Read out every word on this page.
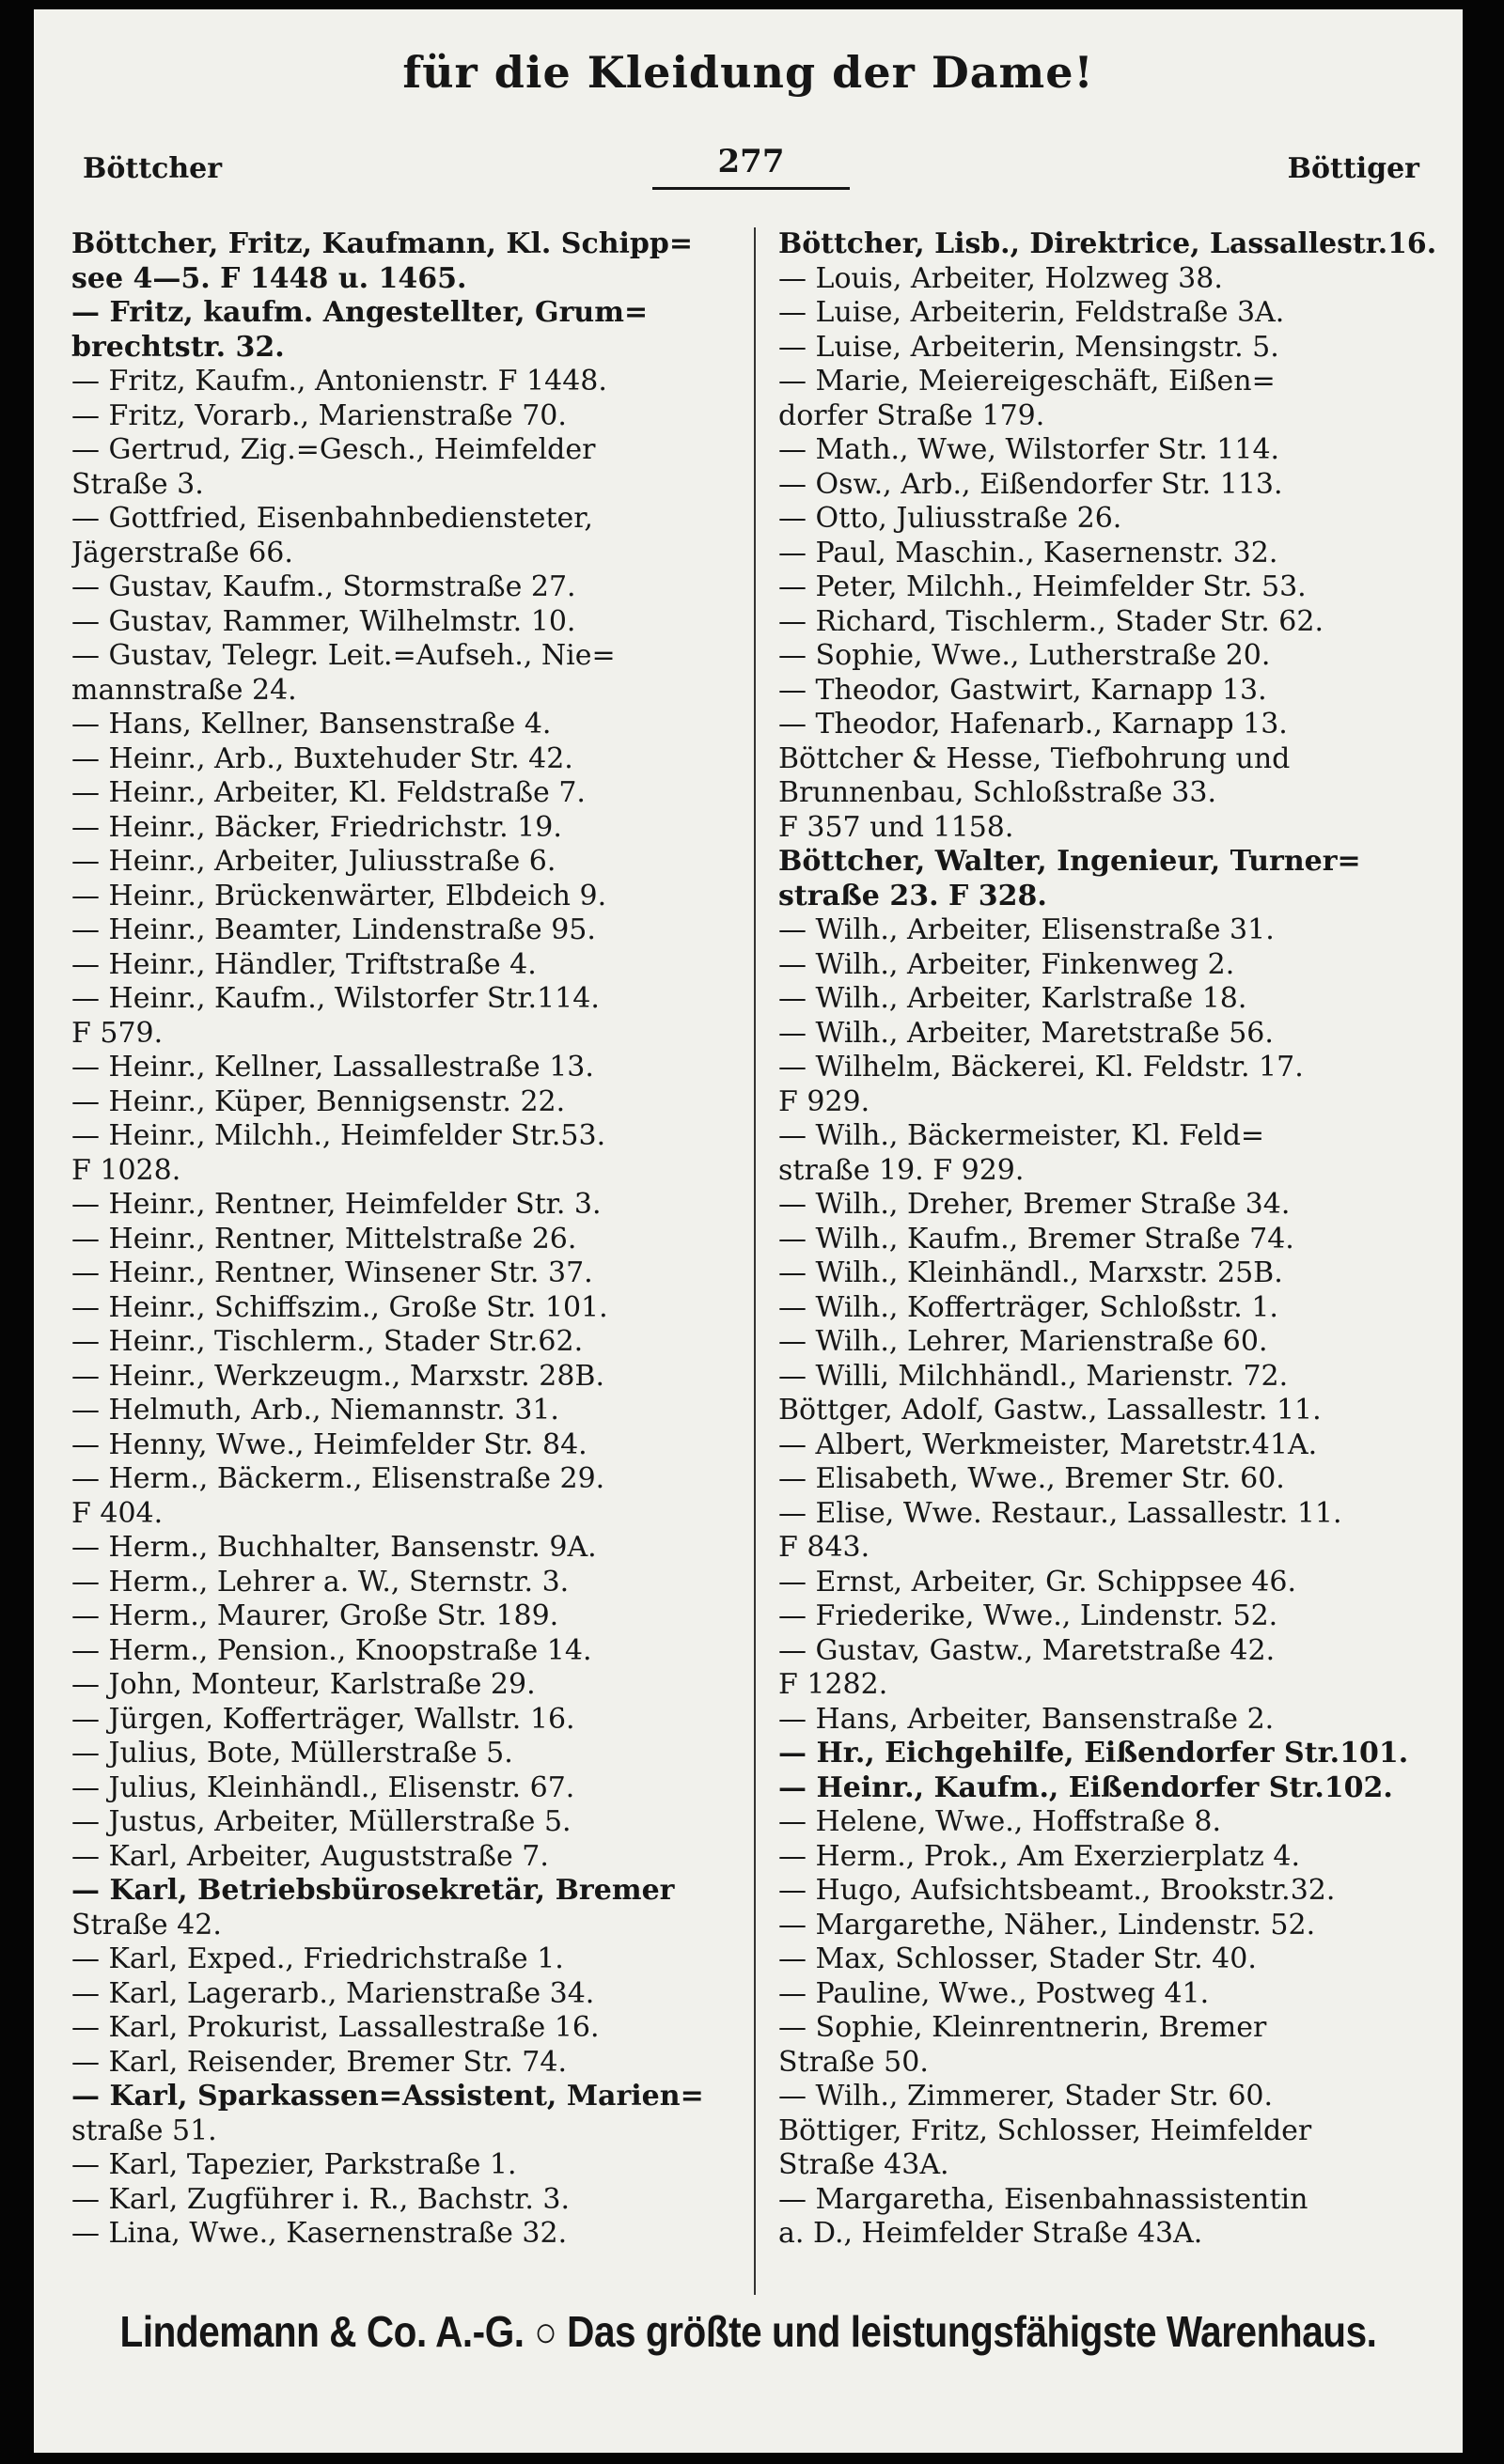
für die Kleidung der Dame!
Böttcher	277	Böttiger
Böttcher, Fritz, Kaufmann, Kl. Schipp=
see 4—5. F 1448 u. 1465.
— Fritz, kaufm. Angestellter, Grum=
brechtstr. 32.
— Fritz, Kaufm., Antonienstr. F 1448.
— Fritz, Vorarb., Marienstraße 70.
— Gertrud, Zig.=Gesch., Heimfelder
Straße 3.
— Gottfried, Eisenbahnbediensteter,
Jägerstraße 66.
— Gustav, Kaufm., Stormstraße 27.
— Gustav, Rammer, Wilhelmstr. 10.
— Gustav, Telegr. Leit.=Aufseh., Nie=
mannstraße 24.
— Hans, Kellner, Bansenstraße 4.
— Heinr., Arb., Buxtehuder Str. 42.
— Heinr., Arbeiter, Kl. Feldstraße 7.
— Heinr., Bäcker, Friedrichstr. 19.
— Heinr., Arbeiter, Juliusstraße 6.
— Heinr., Brückenwärter, Elbdeich 9.
— Heinr., Beamter, Lindenstraße 95.
— Heinr., Händler, Triftstraße 4.
— Heinr., Kaufm., Wilstorfer Str.114.
F 579.
— Heinr., Kellner, Lassallestraße 13.
— Heinr., Küper, Bennigsenstr. 22.
— Heinr., Milchh., Heimfelder Str.53.
F 1028.
— Heinr., Rentner, Heimfelder Str. 3.
— Heinr., Rentner, Mittelstraße 26.
— Heinr., Rentner, Winsener Str. 37.
— Heinr., Schiffszim., Große Str. 101.
— Heinr., Tischlerm., Stader Str.62.
— Heinr., Werkzeugm., Marxstr. 28B.
— Helmuth, Arb., Niemannstr. 31.
— Henny, Wwe., Heimfelder Str. 84.
— Herm., Bäckerm., Elisenstraße 29.
F 404.
— Herm., Buchhalter, Bansenstr. 9A.
— Herm., Lehrer a. W., Sternstr. 3.
— Herm., Maurer, Große Str. 189.
— Herm., Pension., Knoopstraße 14.
— John, Monteur, Karlstraße 29.
— Jürgen, Kofferträger, Wallstr. 16.
— Julius, Bote, Müllerstraße 5.
— Julius, Kleinhändl., Elisenstr. 67.
— Justus, Arbeiter, Müllerstraße 5.
— Karl, Arbeiter, Auguststraße 7.
— Karl, Betriebsbürosekretär, Bremer
Straße 42.
— Karl, Exped., Friedrichstraße 1.
— Karl, Lagerarb., Marienstraße 34.
— Karl, Prokurist, Lassallestraße 16.
— Karl, Reisender, Bremer Str. 74.
— Karl, Sparkassen=Assistent, Marien=
straße 51.
— Karl, Tapezier, Parkstraße 1.
— Karl, Zugführer i. R., Bachstr. 3.
— Lina, Wwe., Kasernenstraße 32.
Böttcher, Lisb., Direktrice, Lassallestr.16.
— Louis, Arbeiter, Holzweg 38.
— Luise, Arbeiterin, Feldstraße 3A.
— Luise, Arbeiterin, Mensingstr. 5.
— Marie, Meiereigeschäft, Eißen=
dorfer Straße 179.
— Math., Wwe, Wilstorfer Str. 114.
— Osw., Arb., Eißendorfer Str. 113.
— Otto, Juliusstraße 26.
— Paul, Maschin., Kasernenstr. 32.
— Peter, Milchh., Heimfelder Str. 53.
— Richard, Tischlerm., Stader Str. 62.
— Sophie, Wwe., Lutherstraße 20.
— Theodor, Gastwirt, Karnapp 13.
— Theodor, Hafenarb., Karnapp 13.
Böttcher & Hesse, Tiefbohrung und
Brunnenbau, Schloßstraße 33.
F 357 und 1158.
Böttcher, Walter, Ingenieur, Turner=
straße 23. F 328.
— Wilh., Arbeiter, Elisenstraße 31.
— Wilh., Arbeiter, Finkenweg 2.
— Wilh., Arbeiter, Karlstraße 18.
— Wilh., Arbeiter, Maretstraße 56.
— Wilhelm, Bäckerei, Kl. Feldstr. 17.
F 929.
— Wilh., Bäckermeister, Kl. Feld=
straße 19. F 929.
— Wilh., Dreher, Bremer Straße 34.
— Wilh., Kaufm., Bremer Straße 74.
— Wilh., Kleinhändl., Marxstr. 25B.
— Wilh., Kofferträger, Schloßstr. 1.
— Wilh., Lehrer, Marienstraße 60.
— Willi, Milchhändl., Marienstr. 72.
Böttger, Adolf, Gastw., Lassallestr. 11.
— Albert, Werkmeister, Maretstr.41A.
— Elisabeth, Wwe., Bremer Str. 60.
— Elise, Wwe. Restaur., Lassallestr. 11.
F 843.
— Ernst, Arbeiter, Gr. Schippsee 46.
— Friederike, Wwe., Lindenstr. 52.
— Gustav, Gastw., Maretstraße 42.
F 1282.
— Hans, Arbeiter, Bansenstraße 2.
— Hr., Eichgehilfe, Eißendorfer Str.101.
— Heinr., Kaufm., Eißendorfer Str.102.
— Helene, Wwe., Hoffstraße 8.
— Herm., Prok., Am Exerzierplatz 4.
— Hugo, Aufsichtsbeamt., Brookstr.32.
— Margarethe, Näher., Lindenstr. 52.
— Max, Schlosser, Stader Str. 40.
— Pauline, Wwe., Postweg 41.
— Sophie, Kleinrentnerin, Bremer
Straße 50.
— Wilh., Zimmerer, Stader Str. 60.
Böttiger, Fritz, Schlosser, Heimfelder
Straße 43A.
— Margaretha, Eisenbahnassistentin
a. D., Heimfelder Straße 43A.
Lindemann & Co. A.-G. ○ Das größte und leistungsfähigste Warenhaus.
